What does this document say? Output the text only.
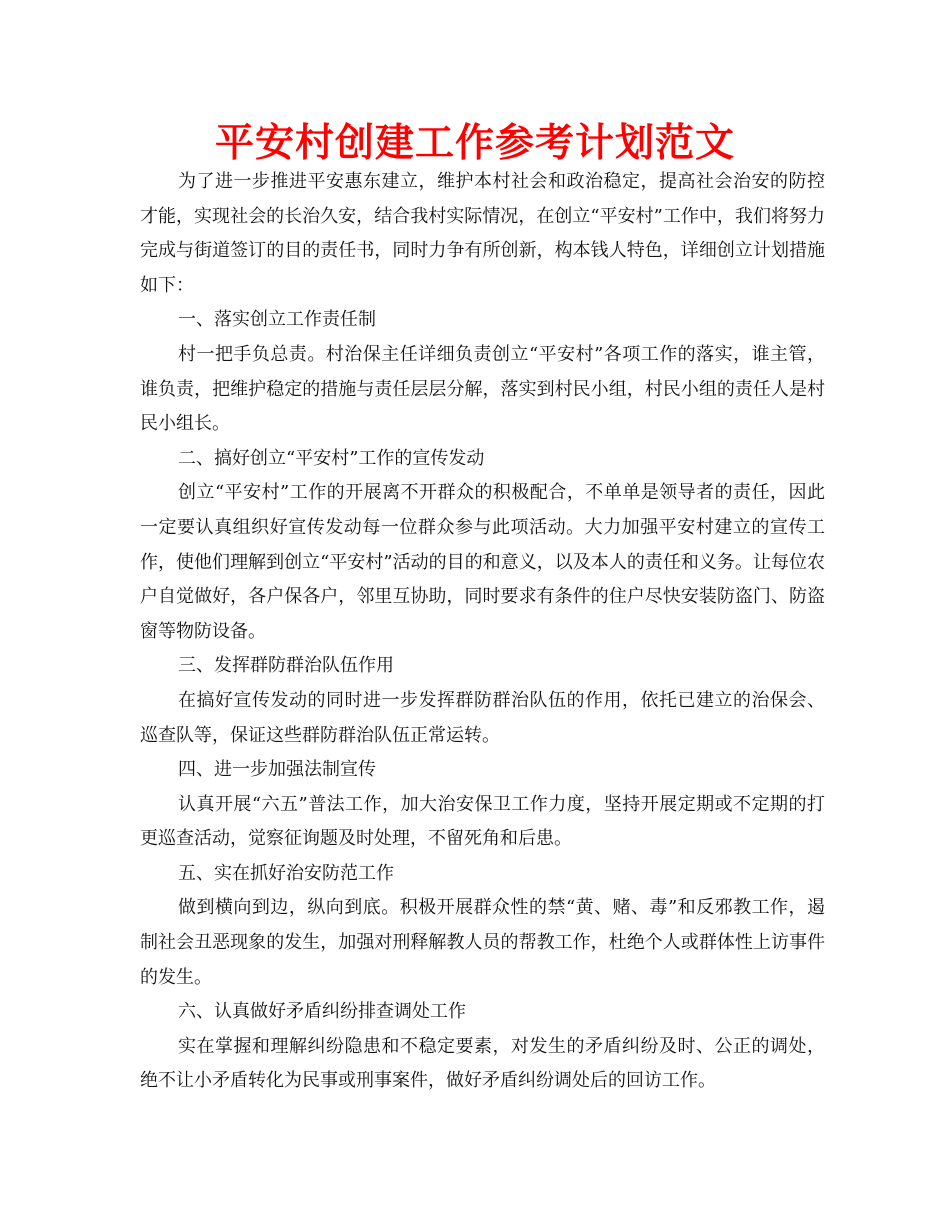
平安村创建工作参考计划范文

为了进一步推进平安惠东建立，维护本村社会和政治稳定，提高社会治安的防控才能，实现社会的长治久安，结合我村实际情况，在创立“平安村”工作中，我们将努力完成与街道签订的目的责任书，同时力争有所创新，构本钱人特色，详细创立计划措施如下：

一、落实创立工作责任制

村一把手负总责。村治保主任详细负责创立“平安村”各项工作的落实，谁主管，谁负责，把维护稳定的措施与责任层层分解，落实到村民小组，村民小组的责任人是村民小组长。

二、搞好创立“平安村”工作的宣传发动

创立“平安村”工作的开展离不开群众的积极配合，不单单是领导者的责任，因此一定要认真组织好宣传发动每一位群众参与此项活动。大力加强平安村建立的宣传工作，使他们理解到创立“平安村”活动的目的和意义，以及本人的责任和义务。让每位农户自觉做好，各户保各户，邻里互协助，同时要求有条件的住户尽快安装防盗门、防盗窗等物防设备。

三、发挥群防群治队伍作用

在搞好宣传发动的同时进一步发挥群防群治队伍的作用，依托已建立的治保会、巡查队等，保证这些群防群治队伍正常运转。

四、进一步加强法制宣传

认真开展“六五”普法工作，加大治安保卫工作力度，坚持开展定期或不定期的打更巡查活动，觉察征询题及时处理，不留死角和后患。

五、实在抓好治安防范工作

做到横向到边，纵向到底。积极开展群众性的禁“黄、赌、毒”和反邪教工作，遏制社会丑恶现象的发生，加强对刑释解教人员的帮教工作，杜绝个人或群体性上访事件的发生。

六、认真做好矛盾纠纷排查调处工作

实在掌握和理解纠纷隐患和不稳定要素，对发生的矛盾纠纷及时、公正的调处，绝不让小矛盾转化为民事或刑事案件，做好矛盾纠纷调处后的回访工作。
